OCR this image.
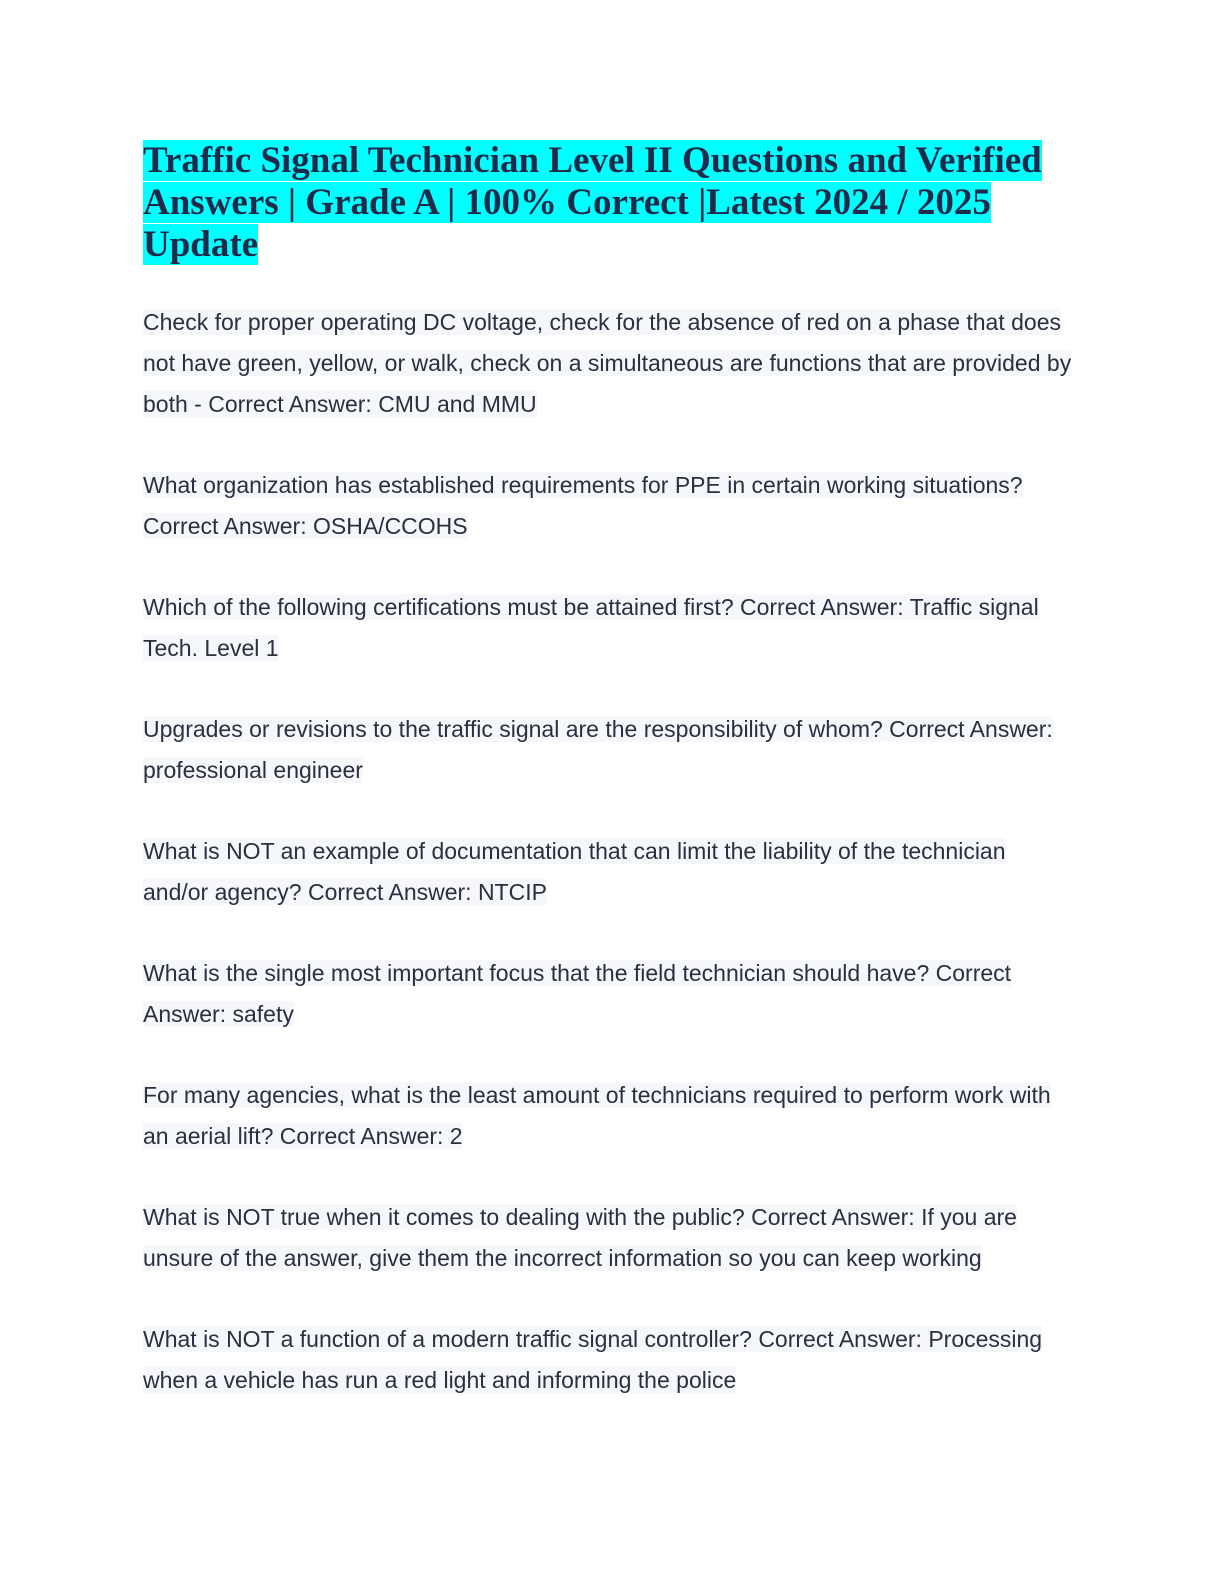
Traffic Signal Technician Level II Questions and Verified Answers | Grade A | 100% Correct |Latest 2024 / 2025 Update

Check for proper operating DC voltage, check for the absence of red on a phase that does not have green, yellow, or walk, check on a simultaneous are functions that are provided by both - Correct Answer: CMU and MMU

What organization has established requirements for PPE in certain working situations? Correct Answer: OSHA/CCOHS

Which of the following certifications must be attained first? Correct Answer: Traffic signal Tech. Level 1

Upgrades or revisions to the traffic signal are the responsibility of whom? Correct Answer: professional engineer

What is NOT an example of documentation that can limit the liability of the technician and/or agency? Correct Answer: NTCIP

What is the single most important focus that the field technician should have? Correct Answer: safety

For many agencies, what is the least amount of technicians required to perform work with an aerial lift? Correct Answer: 2

What is NOT true when it comes to dealing with the public? Correct Answer: If you are unsure of the answer, give them the incorrect information so you can keep working

What is NOT a function of a modern traffic signal controller? Correct Answer: Processing when a vehicle has run a red light and informing the police
